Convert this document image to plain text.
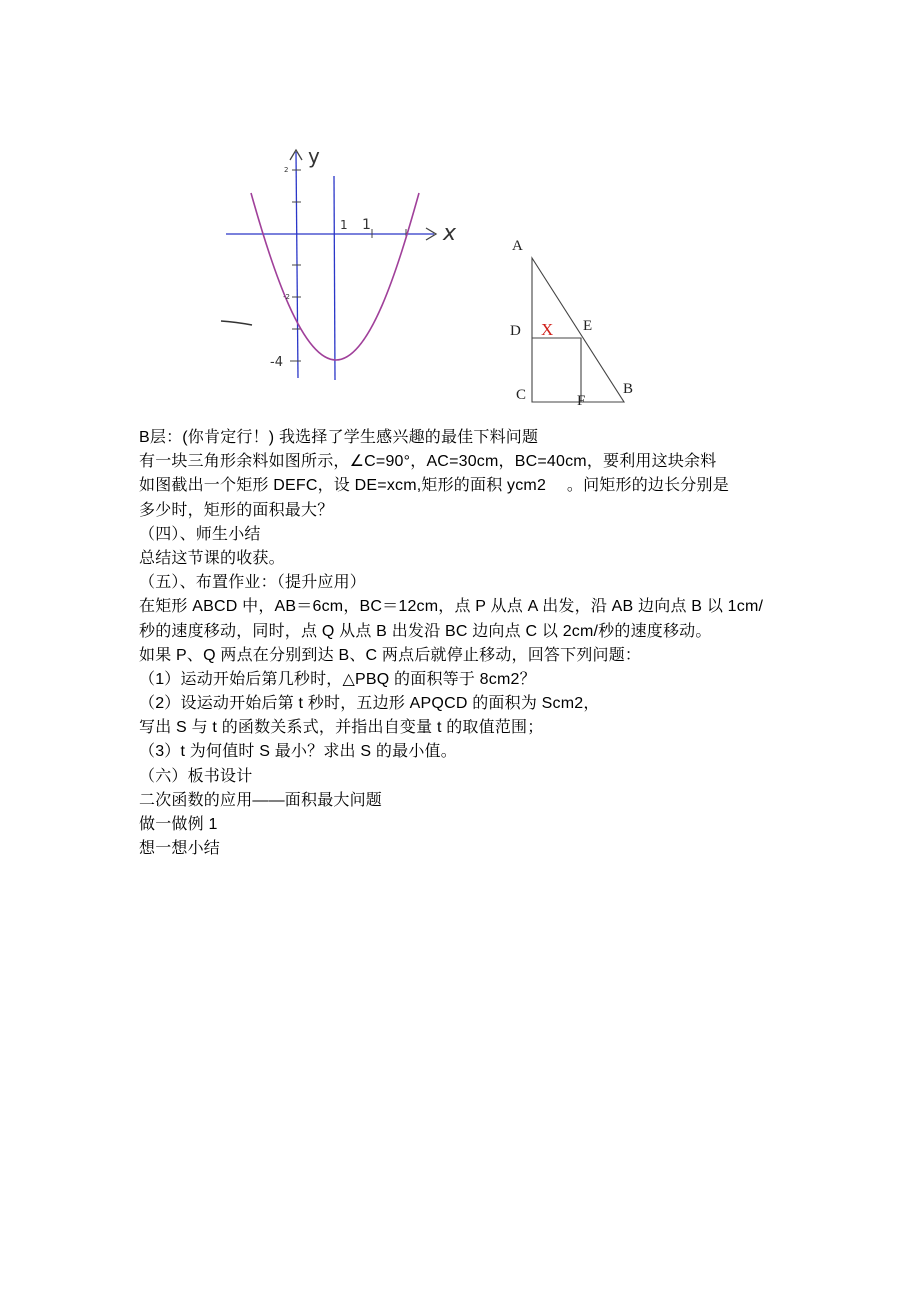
y
x
2
-2
-4
1 1
A
D X E
C	F
B
B层：(你肯定行！) 我选择了学生感兴趣的最佳下料问题
有一块三角形余料如图所示，∠C=90°，AC=30cm，BC=40cm，要利用这块余料
如图截出一个矩形 DEFC，设 DE=xcm,矩形的面积 ycm2 　。问矩形的边长分别是
多少时，矩形的面积最大？
（四）、师生小结
总结这节课的收获。
（五）、布置作业：（提升应用）
在矩形 ABCD 中，AB＝6cm，BC＝12cm，点 P 从点 A 出发，沿 AB 边向点 B 以 1cm/
秒的速度移动，同时，点 Q 从点 B 出发沿 BC 边向点 C 以 2cm/秒的速度移动。
如果 P、Q 两点在分别到达 B、C 两点后就停止移动，回答下列问题：
（1）运动开始后第几秒时，△PBQ 的面积等于 8cm2？
（2）设运动开始后第 t 秒时，五边形 APQCD 的面积为 Scm2，
写出 S 与 t 的函数关系式，并指出自变量 t 的取值范围；
（3）t 为何值时 S 最小？求出 S 的最小值。
（六）板书设计
二次函数的应用——面积最大问题
做一做例 1
想一想小结
